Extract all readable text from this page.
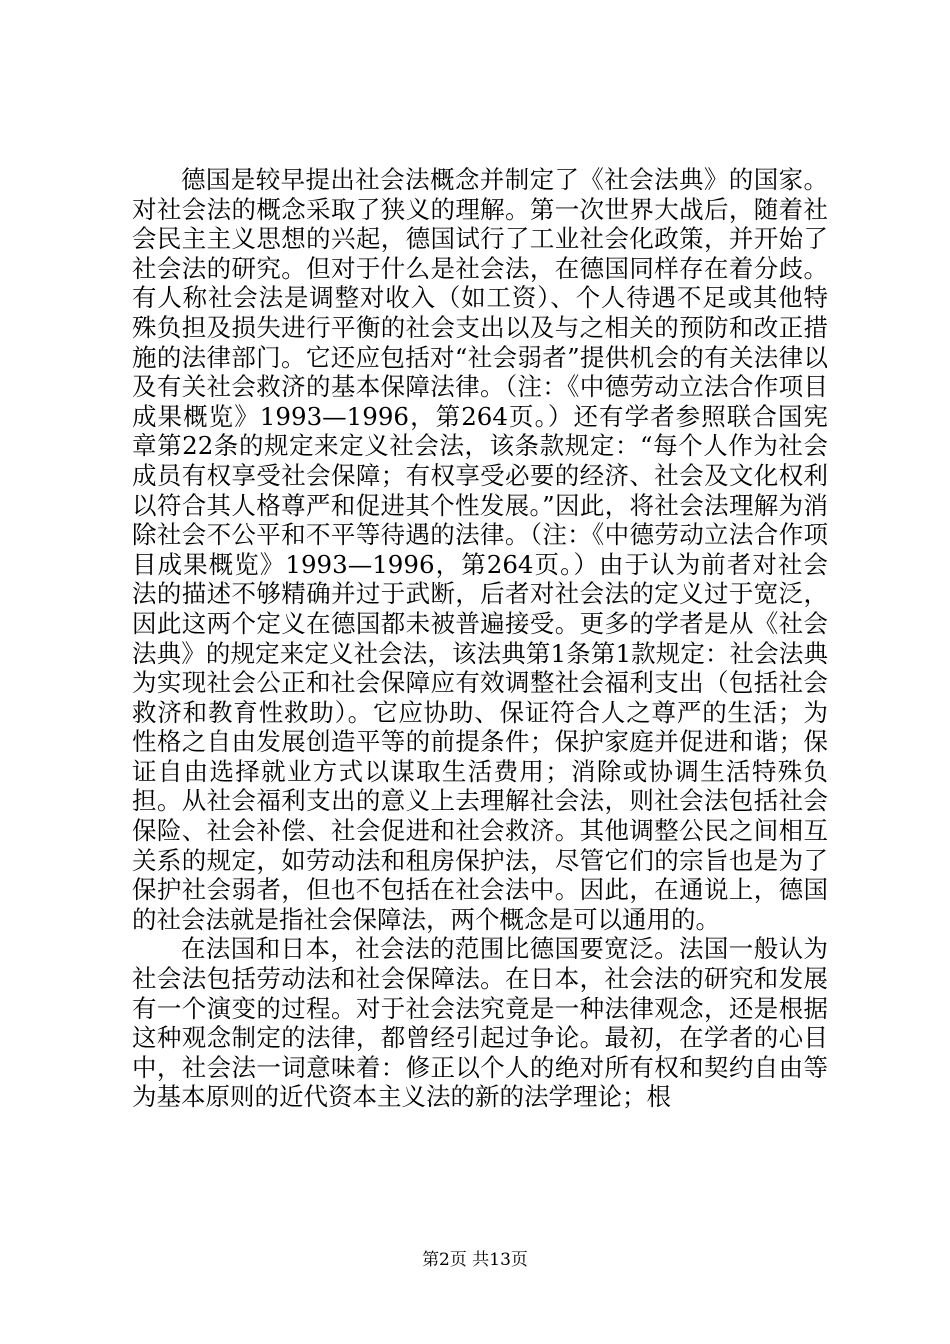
德国是较早提出社会法概念并制定了《社会法典》的国家。对社会法的概念采取了狭义的理解。第一次世界大战后，随着社会民主主义思想的兴起，德国试行了工业社会化政策，并开始了社会法的研究。但对于什么是社会法，在德国同样存在着分歧。有人称社会法是调整对收入（如工资）、个人待遇不足或其他特殊负担及损失进行平衡的社会支出以及与之相关的预防和改正措施的法律部门。它还应包括对“社会弱者”提供机会的有关法律以及有关社会救济的基本保障法律。（注：《中德劳动立法合作项目成果概览》1993—1996，第264页。）还有学者参照联合国宪章第22条的规定来定义社会法，该条款规定：“每个人作为社会成员有权享受社会保障；有权享受必要的经济、社会及文化权利以符合其人格尊严和促进其个性发展。”因此，将社会法理解为消除社会不公平和不平等待遇的法律。（注：《中德劳动立法合作项目成果概览》1993—1996，第264页。）由于认为前者对社会法的描述不够精确并过于武断，后者对社会法的定义过于宽泛，因此这两个定义在德国都未被普遍接受。更多的学者是从《社会法典》的规定来定义社会法，该法典第1条第1款规定：社会法典为实现社会公正和社会保障应有效调整社会福利支出（包括社会救济和教育性救助）。它应协助、保证符合人之尊严的生活；为性格之自由发展创造平等的前提条件；保护家庭并促进和谐；保证自由选择就业方式以谋取生活费用；消除或协调生活特殊负担。从社会福利支出的意义上去理解社会法，则社会法包括社会保险、社会补偿、社会促进和社会救济。其他调整公民之间相互关系的规定，如劳动法和租房保护法，尽管它们的宗旨也是为了保护社会弱者，但也不包括在社会法中。因此，在通说上，德国的社会法就是指社会保障法，两个概念是可以通用的。

在法国和日本，社会法的范围比德国要宽泛。法国一般认为社会法包括劳动法和社会保障法。在日本，社会法的研究和发展有一个演变的过程。对于社会法究竟是一种法律观念，还是根据这种观念制定的法律，都曾经引起过争论。最初，在学者的心目中，社会法一词意味着：修正以个人的绝对所有权和契约自由等为基本原则的近代资本主义法的新的法学理论；根

第2页 共13页
